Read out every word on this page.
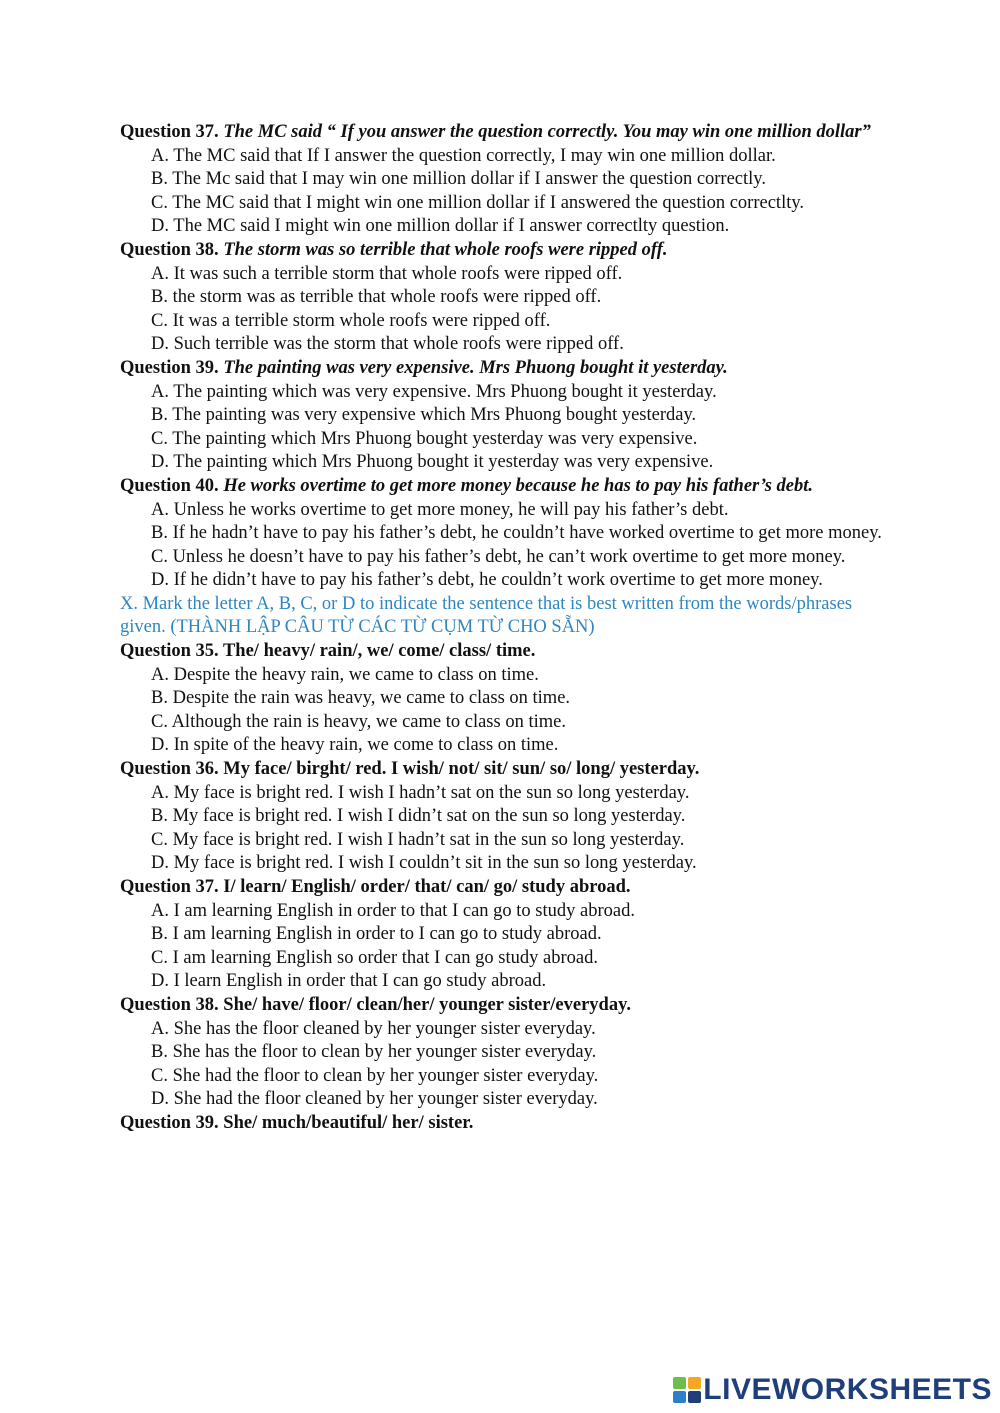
Question 37. The MC said “ If you answer the question correctly. You may win one million dollar”
A. The MC said that If I answer the question correctly, I may win one million dollar.
B. The Mc said that I may win one million dollar if I answer the question correctly.
C. The MC said that I might win one million dollar if I answered the question correctlty.
D. The MC said I might win one million dollar if I answer correctlty question.
Question 38. The storm was so terrible that whole roofs were ripped off.
A. It was such a terrible storm that whole roofs were ripped off.
B. the storm was as terrible that whole roofs were ripped off.
C. It was a terrible storm whole roofs were ripped off.
D. Such terrible was the storm that whole roofs were ripped off.
Question 39. The painting was very expensive. Mrs Phuong bought it yesterday.
A. The painting which was very expensive. Mrs Phuong bought it yesterday.
B. The painting was very expensive which Mrs Phuong bought yesterday.
C. The painting which Mrs Phuong bought yesterday was very expensive.
D. The painting which Mrs Phuong bought it yesterday was very expensive.
Question 40. He works overtime to get more money because he has to pay his father’s debt.
A. Unless he works overtime to get more money, he will pay his father’s debt.
B. If he hadn’t have to pay his father’s debt, he couldn’t have worked overtime to get more money.
C. Unless he doesn’t have to pay his father’s debt, he can’t work overtime to get more money.
D. If he didn’t have to pay his father’s debt, he couldn’t work overtime to get more money.
X. Mark the letter A, B, C, or D to indicate the sentence that is best written from the words/phrases given. (THÀNH LẬP CÂU TỪ CÁC TỪ CỤM TỪ CHO SẴN)
Question 35. The/ heavy/ rain/, we/ come/ class/ time.
A. Despite the heavy rain, we came to class on time.
B. Despite the rain was heavy, we came to class on time.
C. Although the rain is heavy, we came to class on time.
D. In spite of the heavy rain, we come to class on time.
Question 36. My face/ birght/ red. I wish/ not/ sit/ sun/ so/ long/ yesterday.
A. My face is bright red. I wish I hadn’t sat on the sun so long yesterday.
B. My face is bright red. I wish I didn’t sat on the sun so long yesterday.
C. My face is bright red. I wish I hadn’t sat in the sun so long yesterday.
D. My face is bright red. I wish I couldn’t sit in the sun so long yesterday.
Question 37. I/ learn/ English/ order/ that/ can/ go/ study abroad.
A. I am learning English in order to that I can go to study abroad.
B. I am learning English in order to I can go to study abroad.
C. I am learning English so order that I can go study abroad.
D. I learn English in order that I can go study abroad.
Question 38. She/ have/ floor/ clean/her/ younger sister/everyday.
A. She has the floor cleaned by her younger sister everyday.
B. She has the floor to clean by her younger sister everyday.
C. She had the floor to clean by her younger sister everyday.
D. She had the floor cleaned by her younger sister everyday.
Question 39. She/ much/beautiful/ her/ sister.
LIVEWORKSHEETS
